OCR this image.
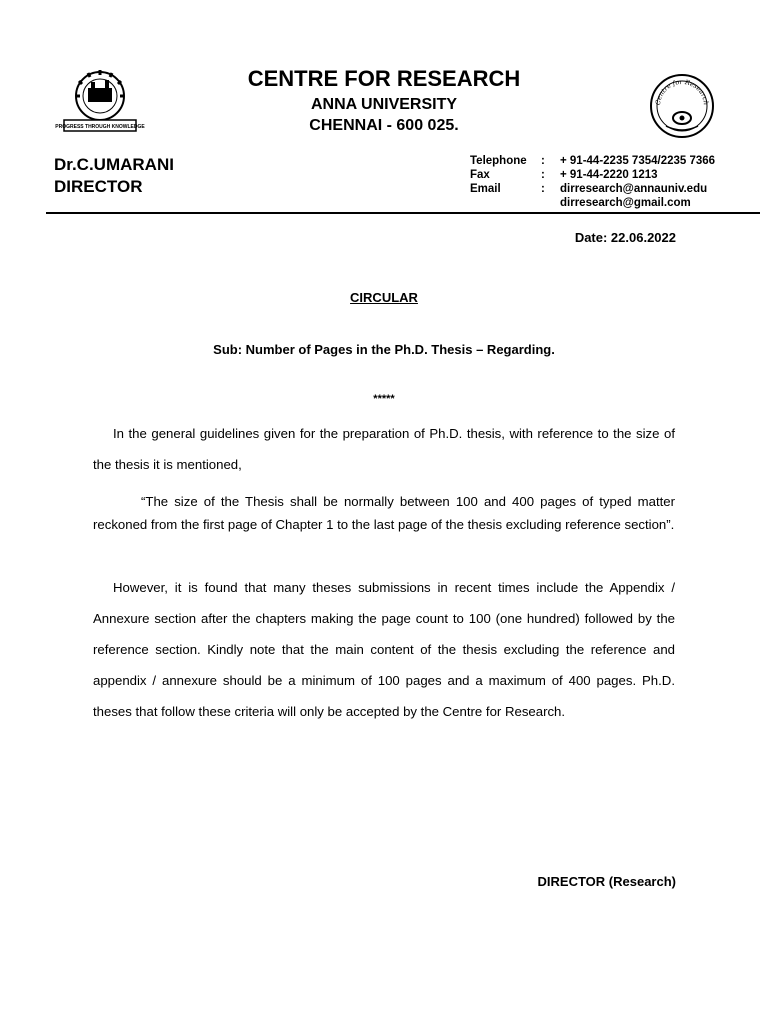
PROGRESS THROUGH KNOWLEDGE
Centre for Research
CENTRE FOR RESEARCH
ANNA UNIVERSITY
CHENNAI - 600 025.
Dr.C.UMARANI
DIRECTOR
Telephone : + 91-44-2235 7354/2235 7366
Fax	: + 91-44-2220 1213
Email	: dirresearch@annauniv.edu
dirresearch@gmail.com
Date: 22.06.2022
CIRCULAR
Sub: Number of Pages in the Ph.D. Thesis – Regarding.
*****
In the general guidelines given for the preparation of Ph.D. thesis, with reference to the size of the thesis it is mentioned,
“The size of the Thesis shall be normally between 100 and 400 pages of typed matter reckoned from the first page of Chapter 1 to the last page of the thesis excluding reference section”.
However, it is found that many theses submissions in recent times include the Appendix / Annexure section after the chapters making the page count to 100 (one hundred) followed by the reference section. Kindly note that the main content of the thesis excluding the reference and appendix / annexure should be a minimum of 100 pages and a maximum of 400 pages. Ph.D. theses that follow these criteria will only be accepted by the Centre for Research.
DIRECTOR (Research)
